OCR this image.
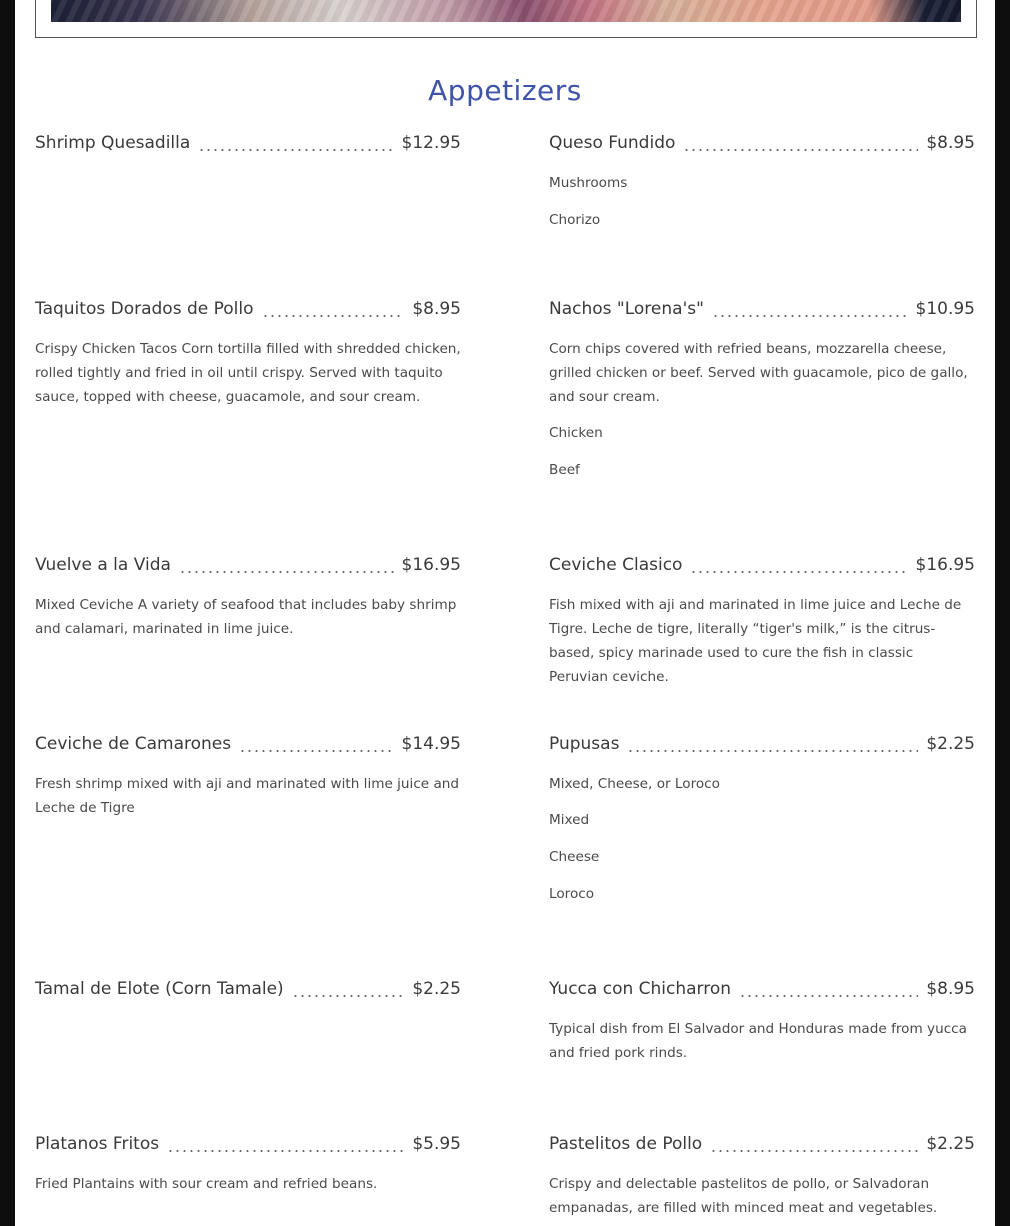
Appetizers
Shrimp Quesadilla	$12.95	Queso Fundido	$8.95
Mushrooms
Chorizo
Taquitos Dorados de Pollo	$8.95
Crispy Chicken Tacos Corn tortilla filled with shredded chicken, rolled tightly and fried in oil until crispy. Served with taquito sauce, topped with cheese, guacamole, and sour cream.
Nachos "Lorena's"	$10.95
Corn chips covered with refried beans, mozzarella cheese, grilled chicken or beef. Served with guacamole, pico de gallo, and sour cream.
Chicken
Beef
Vuelve a la Vida	$16.95
Mixed Ceviche A variety of seafood that includes baby shrimp and calamari, marinated in lime juice.
Ceviche Clasico	$16.95
Fish mixed with aji and marinated in lime juice and Leche de Tigre. Leche de tigre, literally “tiger's milk,” is the citrus-based, spicy marinade used to cure the fish in classic Peruvian ceviche.
Ceviche de Camarones	$14.95
Fresh shrimp mixed with aji and marinated with lime juice and Leche de Tigre
Pupusas	$2.25
Mixed, Cheese, or Loroco
Mixed
Cheese
Loroco
Tamal de Elote (Corn Tamale)	$2.25	Yucca con Chicharron	$8.95
Typical dish from El Salvador and Honduras made from yucca and fried pork rinds.
Platanos Fritos	$5.95
Fried Plantains with sour cream and refried beans.
Pastelitos de Pollo	$2.25
Crispy and delectable pastelitos de pollo, or Salvadoran empanadas, are filled with minced meat and vegetables.
